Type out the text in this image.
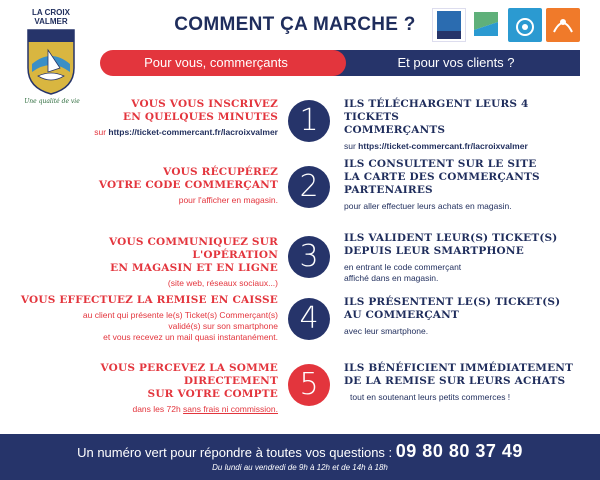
LA CROIX
VALMER
Une qualité de vie
COMMENT ÇA MARCHE ?
Pour vous, commerçants	Et pour vos clients ?
VOUS VOUS INSCRIVEZ
EN QUELQUES MINUTES
sur https://ticket-commercant.fr/lacroixvalmer 1	ILS TÉLÉCHARGENT LEURS 4 TICKETS
COMMERÇANTS
sur https://ticket-commercant.fr/lacroixvalmer
VOUS RÉCUPÉREZ
VOTRE CODE COMMERÇANT
pour l'afficher en magasin. 2
ILS CONSULTENT SUR LE SITE
LA CARTE DES COMMERÇANTS
PARTENAIRES
pour aller effectuer leurs achats en magasin.
VOUS COMMUNIQUEZ SUR L'OPÉRATION
EN MAGASIN ET EN LIGNE
(site web, réseaux sociaux...)
3
ILS VALIDENT LEUR(S) TICKET(S)
DEPUIS LEUR SMARTPHONE
en entrant le code commerçant
affiché dans en magasin.
VOUS EFFECTUEZ LA REMISE EN CAISSE
au client qui présente le(s) Ticket(s) Commerçant(s)
validé(s) sur son smartphone
et vous recevez un mail quasi instantanément.
4	ILS PRÉSENTENT LE(S) TICKET(S)
AU COMMERÇANT
avec leur smartphone.
VOUS PERCEVEZ LA SOMME DIRECTEMENT
SUR VOTRE COMPTE
dans les 72h sans frais ni commission.
5	ILS BÉNÉFICIENT IMMÉDIATEMENT
DE LA REMISE SUR LEURS ACHATS
tout en soutenant leurs petits commerces !
Un numéro vert pour répondre à toutes vos questions : 09 80 80 37 49
Du lundi au vendredi de 9h à 12h et de 14h à 18h
